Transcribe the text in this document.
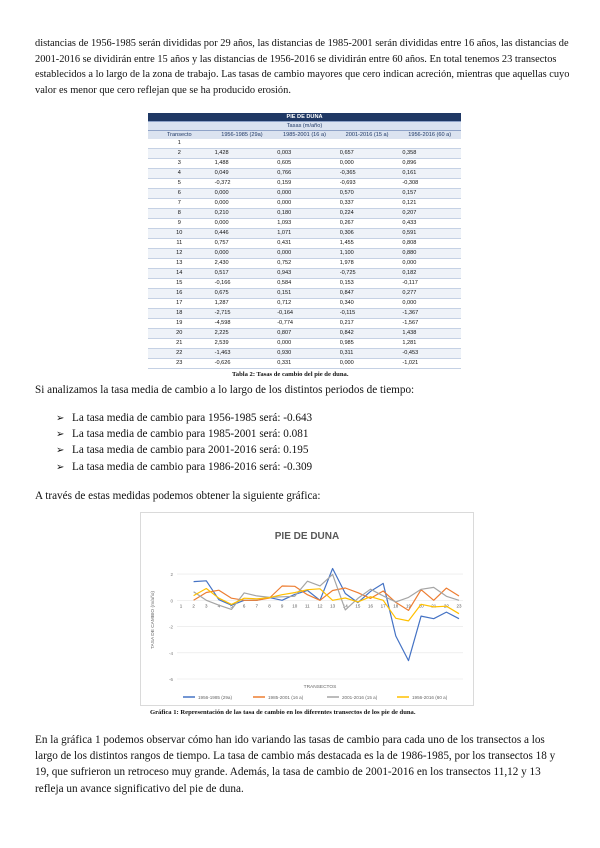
distancias de 1956-1985 serán divididas por 29 años, las distancias de 1985-2001 serán divididas entre 16 años, las distancias de 2001-2016 se dividirán entre 15 años y las distancias de 1956-2016 se dividirán entre 60 años. En total tenemos 23 transectos establecidos a lo largo de la zona de trabajo. Las tasas de cambio mayores que cero indican acreción, mientras que aquellas cuyo valor es menor que cero reflejan que se ha producido erosión.

PIE DE DUNA				
Tasas (m/año)				
Transecto	1956-1985 (29a)	1985-2001 (16 a)	2001-2016 (15 a)	1956-2016 (60 a)
1				
2	1,428	0,003	0,657	0,358
3	1,488	0,605	0,000	0,896
4	0,049	0,766	-0,365	0,161
5	-0,372	0,159	-0,693	-0,308
6	0,000	0,000	0,570	0,157
7	0,000	0,000	0,337	0,121
8	0,210	0,180	0,224	0,207
9	0,000	1,093	0,267	0,433
10	0,446	1,071	0,306	0,591
11	0,757	0,431	1,455	0,808
12	0,000	0,000	1,100	0,880
13	2,430	0,752	1,978	0,000
14	0,517	0,943	-0,725	0,182
15	-0,166	0,584	0,153	-0,117
16	0,675	0,151	0,847	0,277
17	1,287	0,712	0,340	0,000
18	-2,715	-0,164	-0,115	-1,367
19	-4,598	-0,774	0,217	-1,567
20	2,225	0,807	0,842	1,438
21	2,539	0,000	0,985	1,281
22	-1,463	0,930	0,311	-0,453
23	-0,626	0,331	0,000	-1,021
Tabla 2: Tasas de cambio del pie de duna.

Si analizamos la tasa media de cambio a lo largo de los distintos periodos de tiempo:

➢ La tasa media de cambio para 1956-1985 será: -0.643
➢ La tasa media de cambio para 1985-2001 será: 0.081
➢ La tasa media de cambio para 2001-2016 será: 0.195
➢ La tasa media de cambio para 1986-2016 será: -0.309

A través de estas medidas podemos obtener la siguiente gráfica:

PIE DE DUNA
2
0
-2
-4
-6
1 2 3 4 5 6 7 8 9 10 11 12 13 14 15 16 17 18 19 20 21 22 23
TASA DE CAMBIO (m/año)
TRANSECTOS
1956-1985 (29a)	1985-2001 (16 a)	2001-2016 (15 a)	1956-2016 (60 a)
Gráfica 1: Representación de las tasa de cambio en los diferentes transectos de los pie de duna.

En la gráfica 1 podemos observar cómo han ido variando las tasas de cambio para cada uno de los transectos a los largo de los distintos rangos de tiempo. La tasa de cambio más destacada es la de 1986-1985, por los transectos 18 y 19, que sufrieron un retroceso muy grande. Además, la tasa de cambio de 2001-2016 en los transectos 11,12 y 13 refleja un avance significativo del pie de duna.
